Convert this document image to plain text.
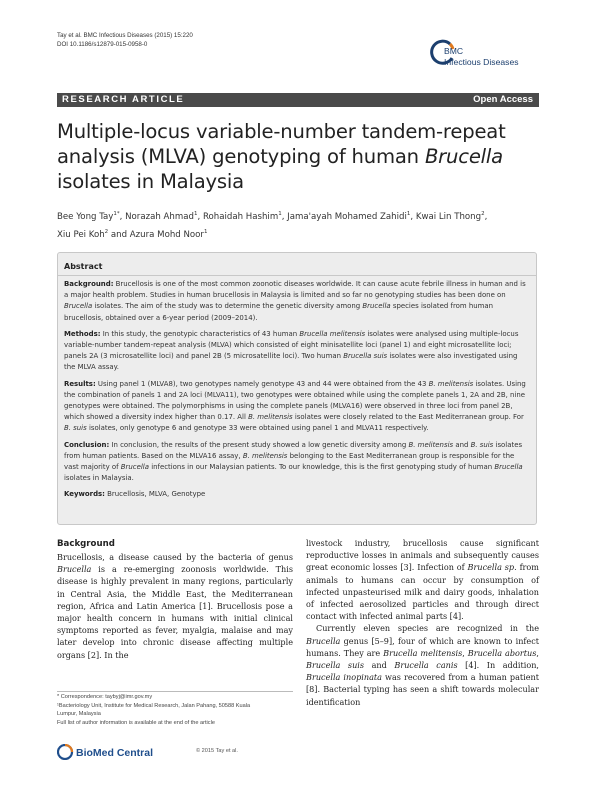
Tay et al. BMC Infectious Diseases (2015) 15:220
DOI 10.1186/s12879-015-0958-0
BMC
Infectious Diseases
RESEARCH ARTICLE	Open Access
Multiple-locus variable-number tandem-repeat analysis (MLVA) genotyping of human Brucella isolates in Malaysia
Bee Yong Tay$^{1*}$, Norazah Ahmad$^1$, Rohaidah Hashim$^1$, Jama'ayah Mohamed Zahidi$^1$, Kwai Lin Thong$^2$,
Xiu Pei Koh$^2$ and Azura Mohd Noor$^1$
Abstract

Background: Brucellosis is one of the most common zoonotic diseases worldwide. It can cause acute febrile illness in human and is a major health problem. Studies in human brucellosis in Malaysia is limited and so far no genotyping studies has been done on Brucella isolates. The aim of the study was to determine the genetic diversity among Brucella species isolated from human brucellosis, obtained over a 6-year period (2009–2014).

Methods: In this study, the genotypic characteristics of 43 human Brucella melitensis isolates were analysed using multiple-locus variable-number tandem-repeat analysis (MLVA) which consisted of eight minisatellite loci (panel 1) and eight microsatellite loci; panels 2A (3 microsatellite loci) and panel 2B (5 microsatellite loci). Two human Brucella suis isolates were also investigated using the MLVA assay.

Results: Using panel 1 (MLVA8), two genotypes namely genotype 43 and 44 were obtained from the 43 B. melitensis isolates. Using the combination of panels 1 and 2A loci (MLVA11), two genotypes were obtained while using the complete panels 1, 2A and 2B, nine genotypes were obtained. The polymorphisms in using the complete panels (MLVA16) were observed in three loci from panel 2B, which showed a diversity index higher than 0.17. All B. melitensis isolates were closely related to the East Mediterranean group. For B. suis isolates, only genotype 6 and genotype 33 were obtained using panel 1 and MLVA11 respectively.

Conclusion: In conclusion, the results of the present study showed a low genetic diversity among B. melitensis and B. suis isolates from human patients. Based on the MLVA16 assay, B. melitensis belonging to the East Mediterranean group is responsible for the vast majority of Brucella infections in our Malaysian patients. To our knowledge, this is the first genotyping study of human Brucella isolates in Malaysia.

Keywords: Brucellosis, MLVA, Genotype

Background

Brucellosis, a disease caused by the bacteria of genus Brucella is a re-emerging zoonosis worldwide. This disease is highly prevalent in many regions, particularly in Central Asia, the Middle East, the Mediterranean region, Africa and Latin America [1]. Brucellosis pose a major health concern in humans with initial clinical symptoms reported as fever, myalgia, malaise and may later develop into chronic disease affecting multiple organs [2]. In the

livestock industry, brucellosis cause significant reproductive losses in animals and subsequently causes great economic losses [3]. Infection of Brucella sp. from animals to humans can occur by consumption of infected unpasteurised milk and dairy goods, inhalation of infected aerosolized particles and through direct contact with infected animal parts [4].

Currently eleven species are recognized in the Brucella genus [5–9], four of which are known to infect humans. They are Brucella melitensis, Brucella abortus, Brucella suis and Brucella canis [4]. In addition, Brucella inopinata was recovered from a human patient [8]. Bacterial typing has seen a shift towards molecular identification

* Correspondence: taybyj@imr.gov.my
¹Bacteriology Unit, Institute for Medical Research, Jalan Pahang, 50588 Kuala
Lumpur, Malaysia
Full list of author information is available at the end of the article
BioMed Central	© 2015 Tay et al.
